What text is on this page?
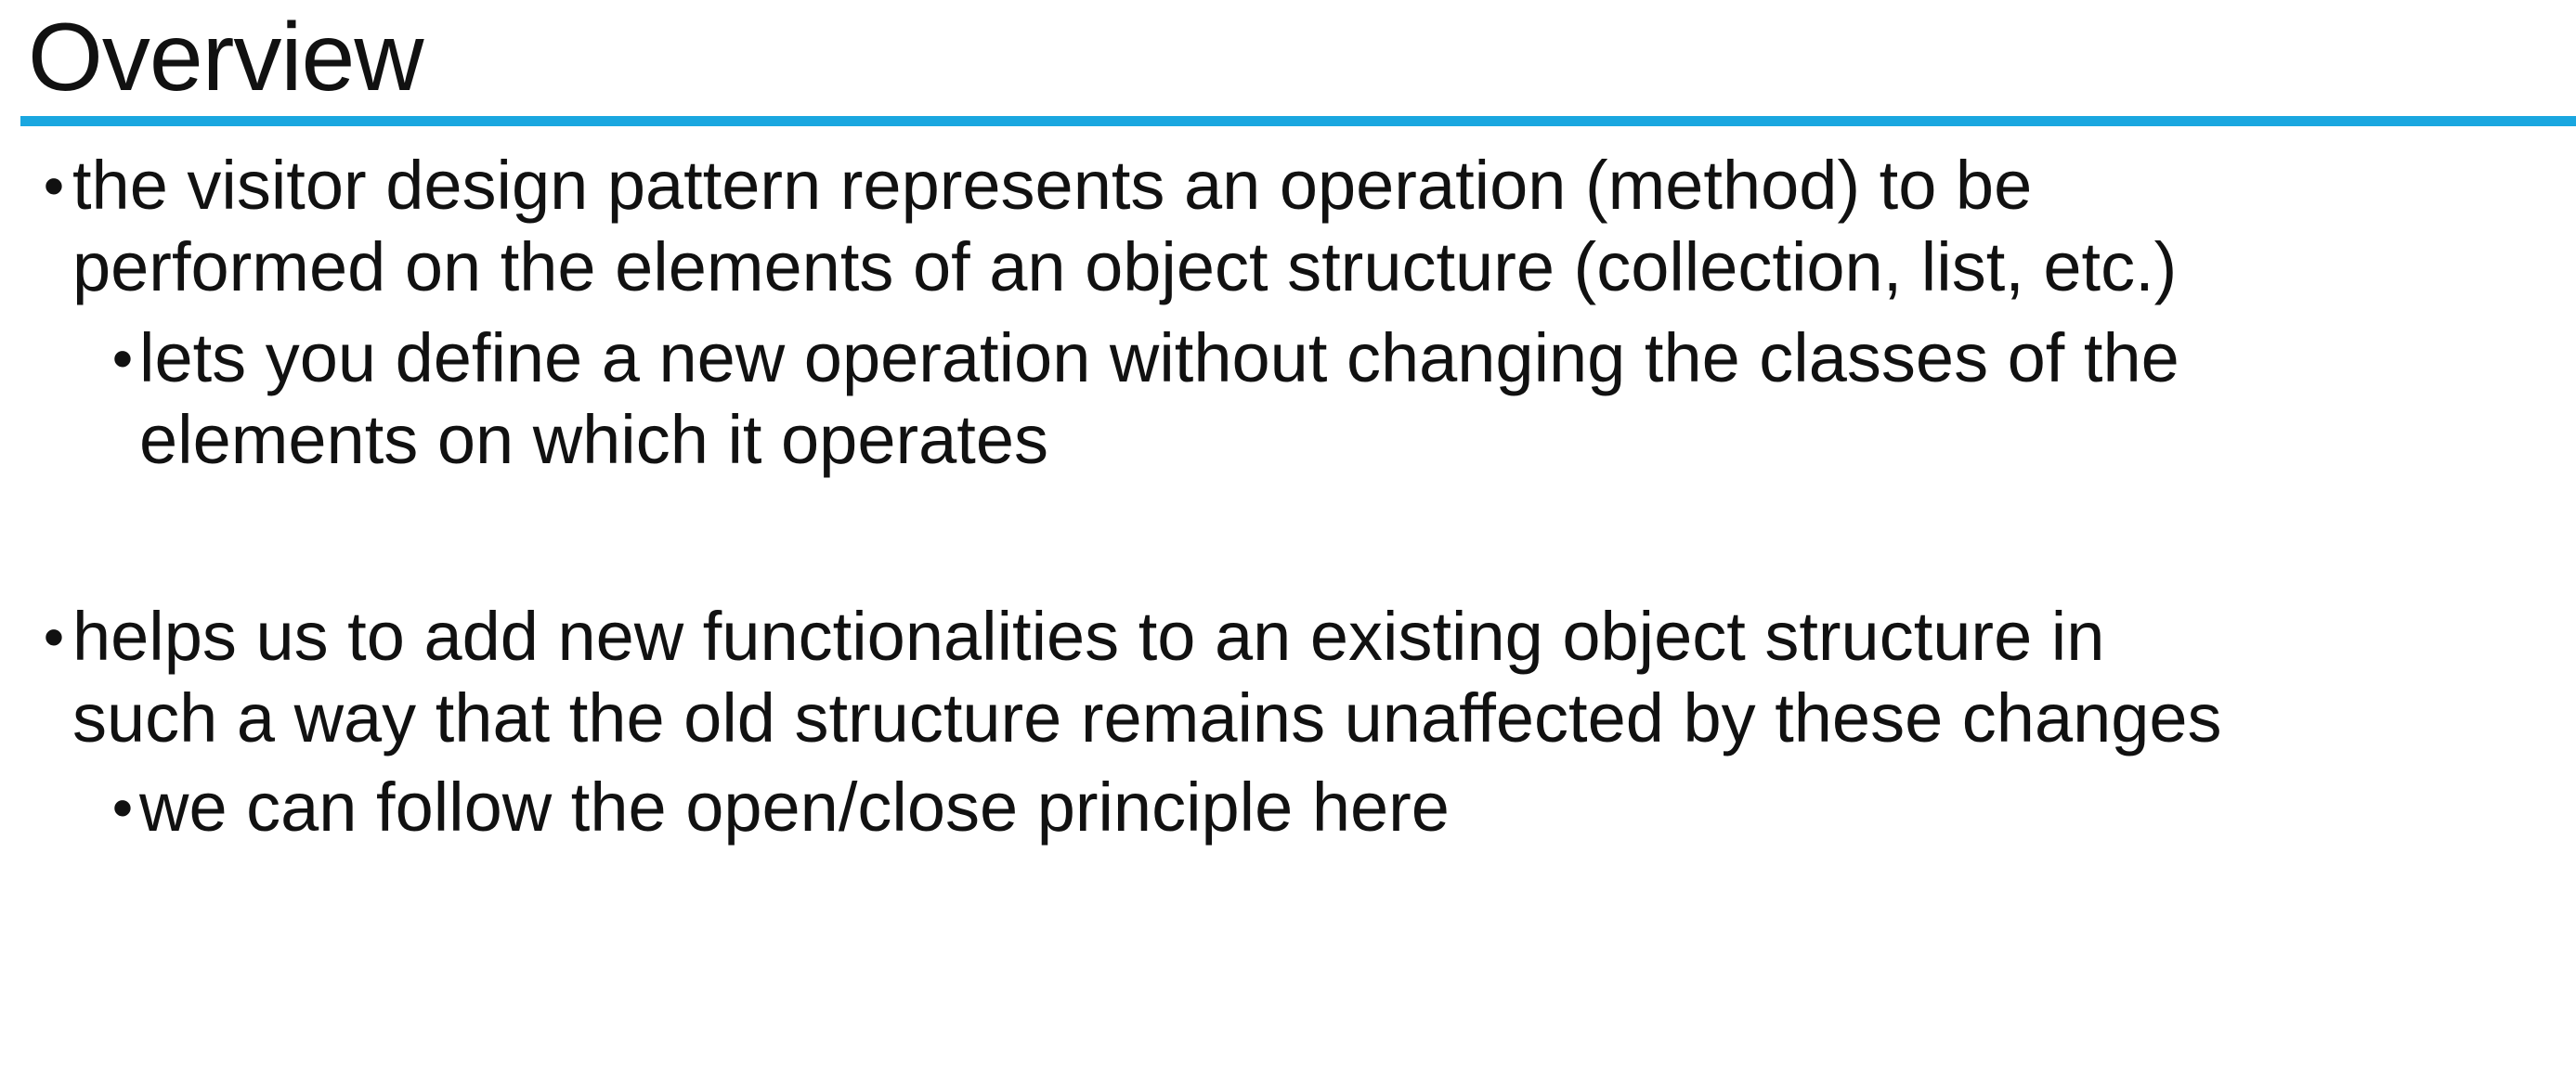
Overview
• the visitor design pattern represents an operation (method) to be
performed on the elements of an object structure (collection, list, etc.)
• lets you define a new operation without changing the classes of the
elements on which it operates
• helps us to add new functionalities to an existing object structure in
such a way that the old structure remains unaffected by these changes
• we can follow the open/close principle here
